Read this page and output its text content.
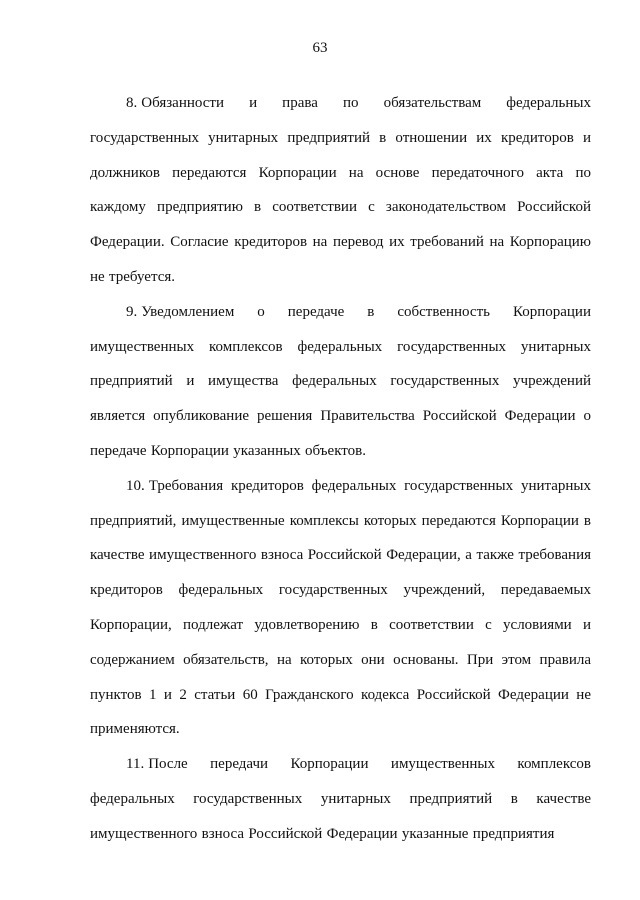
63

8. Обязанности и права по обязательствам федеральных государственных унитарных предприятий в отношении их кредиторов и должников передаются Корпорации на основе передаточного акта по каждому предприятию в соответствии с законодательством Российской Федерации. Согласие кредиторов на перевод их требований на Корпорацию не требуется.

9. Уведомлением о передаче в собственность Корпорации имущественных комплексов федеральных государственных унитарных предприятий и имущества федеральных государственных учреждений является опубликование решения Правительства Российской Федерации о передаче Корпорации указанных объектов.

10. Требования кредиторов федеральных государственных унитарных предприятий, имущественные комплексы которых передаются Корпорации в качестве имущественного взноса Российской Федерации, а также требования кредиторов федеральных государственных учреждений, передаваемых Корпорации, подлежат удовлетворению в соответствии с условиями и содержанием обязательств, на которых они основаны. При этом правила пунктов 1 и 2 статьи 60 Гражданского кодекса Российской Федерации не применяются.

11. После передачи Корпорации имущественных комплексов федеральных государственных унитарных предприятий в качестве имущественного взноса Российской Федерации указанные предприятия
